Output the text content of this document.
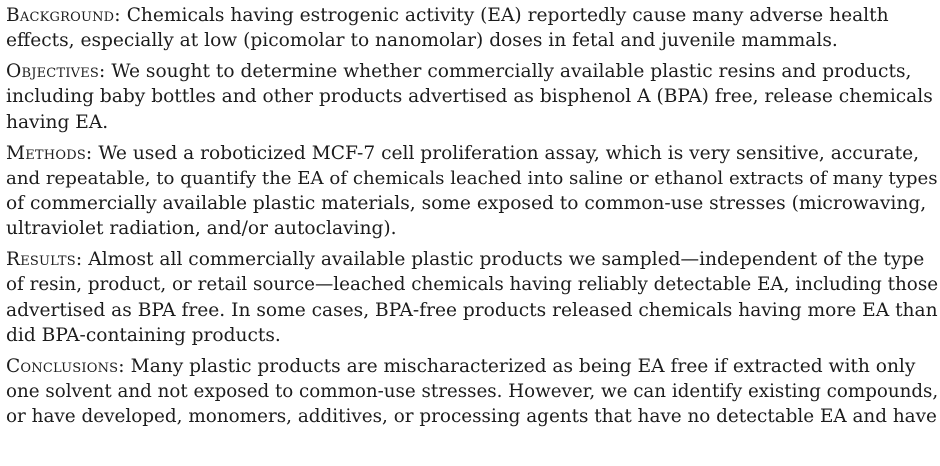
Background: Chemicals having estrogenic activity (EA) reportedly cause many adverse health
effects, especially at low (picomolar to nanomolar) doses in fetal and juvenile mammals.

Objectives: We sought to determine whether commercially available plastic resins and products,
including baby bottles and other products advertised as bisphenol A (BPA) free, release chemicals
having EA.

Methods: We used a roboticized MCF-7 cell proliferation assay, which is very sensitive, accurate,
and repeatable, to quantify the EA of chemicals leached into saline or ethanol extracts of many types
of commercially available plastic materials, some exposed to common-use stresses (microwaving,
ultraviolet radiation, and/or autoclaving).

Results: Almost all commercially available plastic products we sampled—independent of the type
of resin, product, or retail source—leached chemicals having reliably detectable EA, including those
advertised as BPA free. In some cases, BPA-free products released chemicals having more EA than
did BPA-containing products.

Conclusions: Many plastic products are mischaracterized as being EA free if extracted with only
one solvent and not exposed to common-use stresses. However, we can identify existing compounds,
or have developed, monomers, additives, or processing agents that have no detectable EA and have
